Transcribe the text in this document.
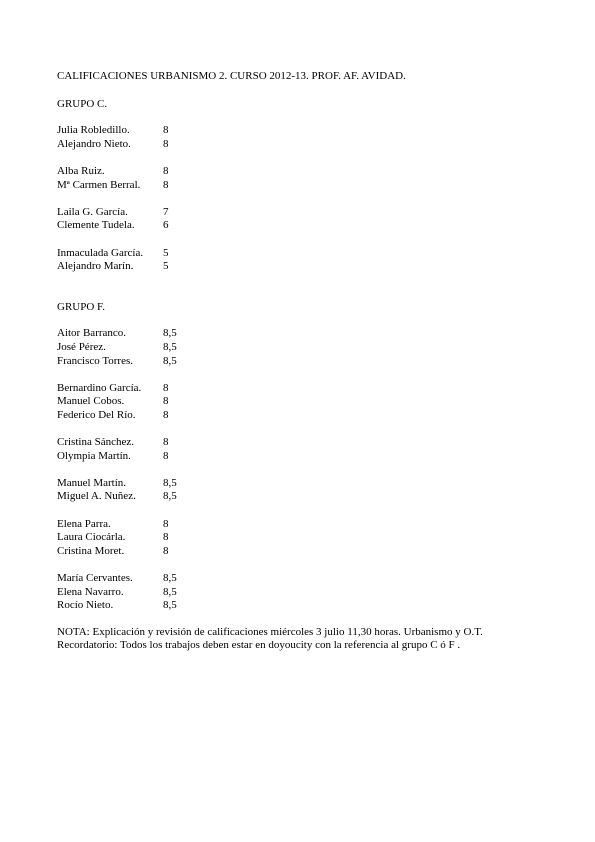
CALIFICACIONES URBANISMO 2. CURSO 2012-13. PROF. AF. AVIDAD.
GRUPO C.
Julia Robledillo.	8
Alejandro Nieto.	8
Alba Ruiz.	8
Mª Carmen Berral.	8
Laila G. García.	7
Clemente Tudela.	6
Inmaculada García.	5
Alejandro Marín.	5
GRUPO F.
Aitor Barranco.	8,5
José Pérez.	8,5
Francisco Torres.	8,5
Bernardino García.	8
Manuel Cobos.	8
Federico Del Río.	8
Cristina Sánchez.	8
Olympia Martín.	8
Manuel Martín.	8,5
Miguel A. Nuñez.	8,5
Elena Parra.	8
Laura Ciocárla.	8
Cristina Moret.	8
María Cervantes.	8,5
Elena Navarro.	8,5
Rocío Nieto.	8,5
NOTA: Explicación y revisión de calificaciones miércoles 3 julio 11,30 horas. Urbanismo y O.T.
Recordatorio: Todos los trabajos deben estar en doyoucity con la referencia al grupo C ó F .
